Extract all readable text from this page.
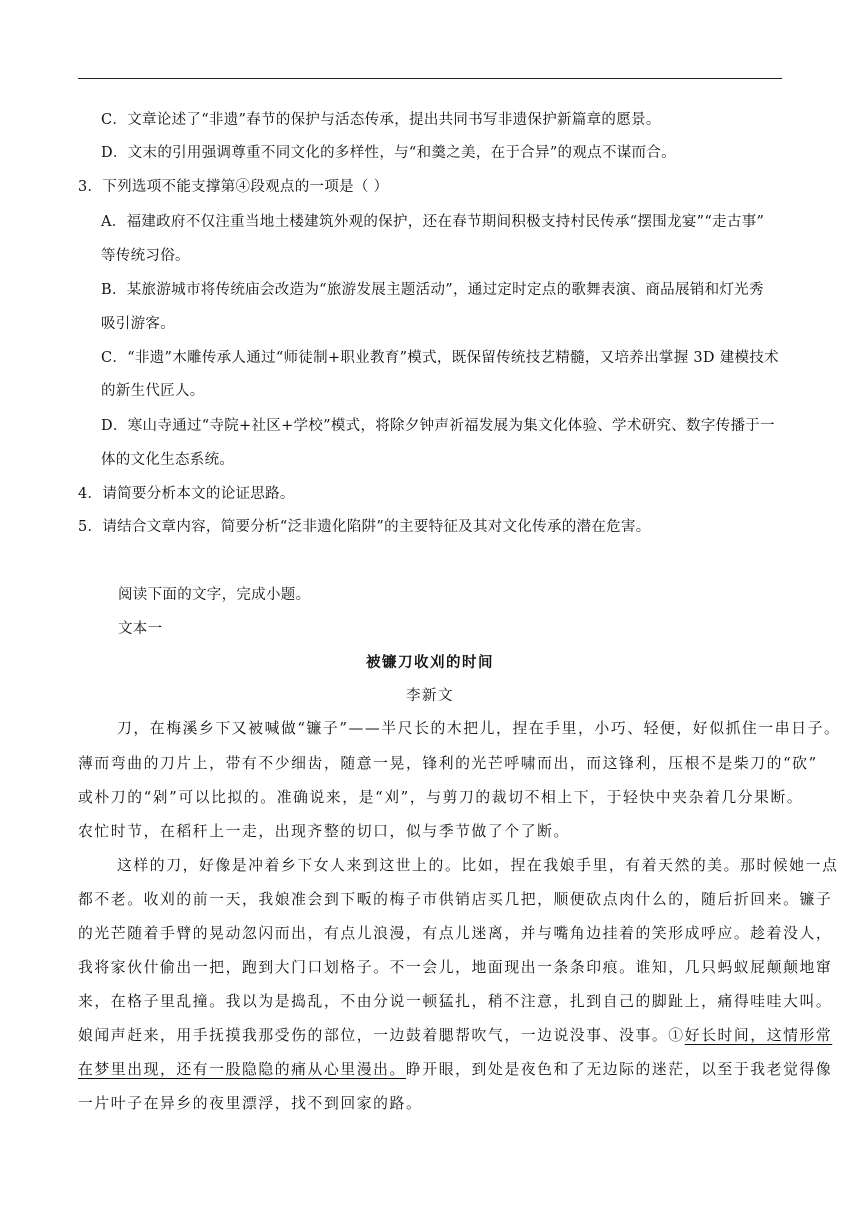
C．文章论述了“非遗”春节的保护与活态传承，提出共同书写非遗保护新篇章的愿景。
D．文末的引用强调尊重不同文化的多样性，与“和羹之美，在于合异”的观点不谋而合。
3．下列选项不能支撑第④段观点的一项是（ ）
A．福建政府不仅注重当地土楼建筑外观的保护，还在春节期间积极支持村民传承“摆围龙宴”“走古事”
等传统习俗。
B．某旅游城市将传统庙会改造为“旅游发展主题活动”，通过定时定点的歌舞表演、商品展销和灯光秀
吸引游客。
C．“非遗”木雕传承人通过“师徒制+职业教育”模式，既保留传统技艺精髓，又培养出掌握 3D 建模技术
的新生代匠人。
D．寒山寺通过“寺院+社区+学校”模式，将除夕钟声祈福发展为集文化体验、学术研究、数字传播于一
体的文化生态系统。
4．请简要分析本文的论证思路。
5．请结合文章内容，简要分析“泛非遗化陷阱”的主要特征及其对文化传承的潜在危害。
阅读下面的文字，完成小题。
文本一
被镰刀收刈的时间
李新文
刀，在梅溪乡下又被喊做“镰子”——半尺长的木把儿，捏在手里，小巧、轻便，好似抓住一串日子。
薄而弯曲的刀片上，带有不少细齿，随意一晃，锋利的光芒呼啸而出，而这锋利，压根不是柴刀的“砍”
或朴刀的“剁”可以比拟的。准确说来，是“刈”，与剪刀的裁切不相上下，于轻快中夹杂着几分果断。
农忙时节，在稻秆上一走，出现齐整的切口，似与季节做了个了断。
这样的刀，好像是冲着乡下女人来到这世上的。比如，捏在我娘手里，有着天然的美。那时候她一点
都不老。收刈的前一天，我娘准会到下畈的梅子市供销店买几把，顺便砍点肉什么的，随后折回来。镰子
的光芒随着手臂的晃动忽闪而出，有点儿浪漫，有点儿迷离，并与嘴角边挂着的笑形成呼应。趁着没人，
我将家伙什偷出一把，跑到大门口划格子。不一会儿，地面现出一条条印痕。谁知，几只蚂蚁屁颠颠地窜
来，在格子里乱撞。我以为是捣乱，不由分说一顿猛扎，稍不注意，扎到自己的脚趾上，痛得哇哇大叫。
娘闻声赶来，用手抚摸我那受伤的部位，一边鼓着腮帮吹气，一边说没事、没事。①好长时间，这情形常
在梦里出现，还有一股隐隐的痛从心里漫出。睁开眼，到处是夜色和了无边际的迷茫，以至于我老觉得像
一片叶子在异乡的夜里漂浮，找不到回家的路。
